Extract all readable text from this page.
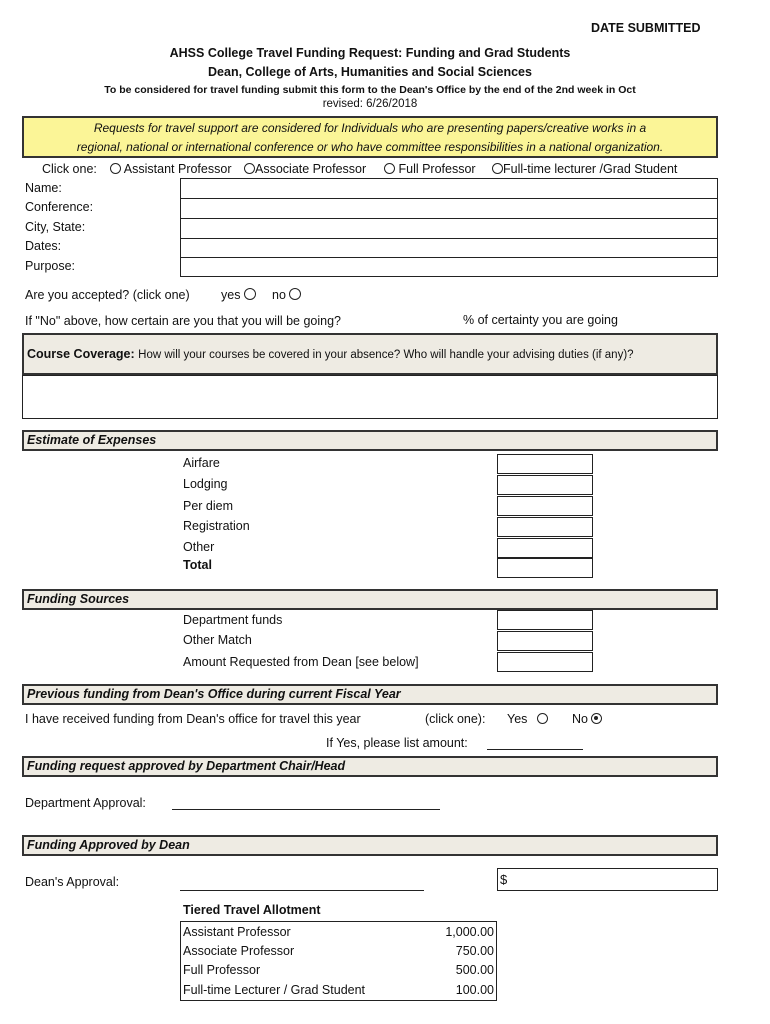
DATE SUBMITTED
AHSS College Travel Funding Request: Funding and Grad Students
Dean, College of Arts, Humanities and Social Sciences
To be considered for travel funding submit this form to the Dean's Office by the end of the 2nd week in Oct
revised: 6/26/2018
Requests for travel support are considered for Individuals who are presenting papers/creative works in a
regional, national or international conference or who have committee responsibilities in a national organization.
Click one:	Assistant Professor	Associate Professor	Full Professor	Full-time lecturer /Grad Student
Name:
Conference:
City, State:
Dates:
Purpose:
Are you accepted? (click one)	yes	no
If "No" above, how certain are you that you will be going?	% of certainty you are going
Course Coverage: How will your courses be covered in your absence? Who will handle your advising duties (if any)?
Estimate of Expenses
Airfare
Lodging
Per diem
Registration
Other
Total
Funding Sources
Department funds
Other Match
Amount Requested from Dean [see below]
Previous funding from Dean's Office during current Fiscal Year
I have received funding from Dean's office for travel this year	(click one): Yes	No
If Yes, please list amount:
Funding request approved by Department Chair/Head
Department Approval:
Funding Approved by Dean
Dean's Approval:	$
Tiered Travel Allotment
Assistant Professor	1,000.00
Associate Professor	750.00
Full Professor	500.00
Full-time Lecturer / Grad Student	100.00
